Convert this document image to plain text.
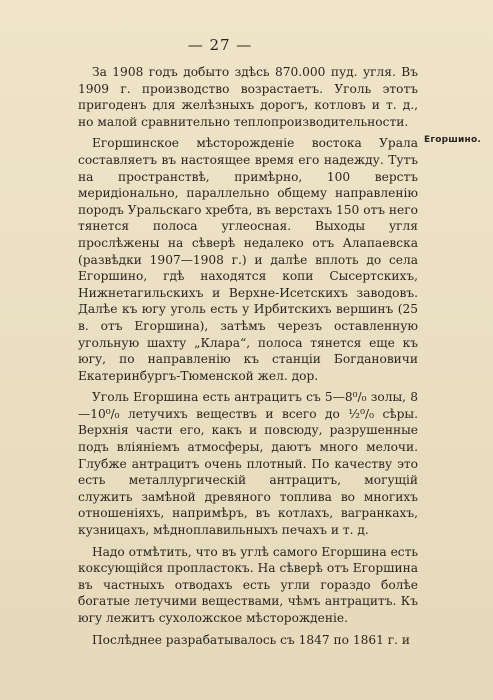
— 27 —
Егоршино.

За 1908 годъ добыто здѣсь 870.000 пуд. угля. Въ 1909 г. производство возрастаетъ. Уголь этотъ пригоденъ для желѣзныхъ дорогъ, котловъ и т. д., но малой сравнительно теплопроизводительности.

Егоршинское мѣсторожденіе востока Урала составляетъ въ настоящее время его надежду. Тутъ на пространствѣ, примѣрно, 100 верстъ меридіонально, параллельно общему направленію породъ Уральскаго хребта, въ верстахъ 150 отъ него тянется полоса углеосная. Выходы угля прослѣжены на сѣверѣ недалеко отъ Алапаевска (развѣдки 1907—1908 г.) и далѣе вплоть до села Егоршино, гдѣ находятся копи Сысертскихъ, Нижнетагильскихъ и Верхне-Исетскихъ заводовъ. Далѣе къ югу уголь есть у Ирбитскихъ вершинъ (25 в. отъ Егоршина), затѣмъ черезъ оставленную угольную шахту „Клара“, полоса тянется еще къ югу, по направленію къ станціи Богдановичи Екатеринбургъ-Тюменской жел. дор.

Уголь Егоршина есть антрацитъ съ 5—8⁰/₀ золы, 8—10⁰/₀ летучихъ веществъ и всего до ½⁰/₀ сѣры. Верхнія части его, какъ и повсюду, разрушенные подъ вліяніемъ атмосферы, даютъ много мелочи. Глубже антрацитъ очень плотный. По качеству это есть металлургическій антрацитъ, могущій служить замѣной древяного топлива во многихъ отношеніяхъ, напримѣръ, въ котлахъ, вагранкахъ, кузницахъ, мѣдноплавильныхъ печахъ и т. д.

Надо отмѣтить, что въ углѣ самого Егоршина есть коксующійся пропластокъ. На сѣверѣ отъ Егоршина въ частныхъ отводахъ есть угли гораздо болѣе богатые летучими веществами, чѣмъ антрацитъ. Къ югу лежитъ сухоложское мѣсторожденіе.

Послѣднее разрабатывалось съ 1847 по 1861 г. и
